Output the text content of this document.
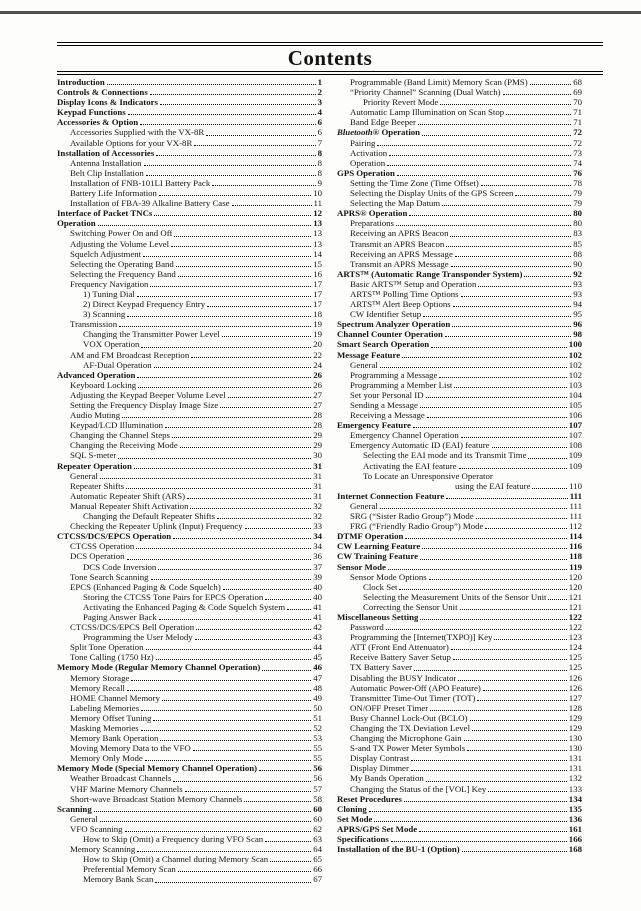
Contents
Introduction	1
Controls & Connections	2
Display Icons & Indicators	3
Keypad Functions	4
Accessories & Option	6
Accessories Supplied with the VX-8R	6
Available Options for your VX-8R	7
Installation of Accessories	8
Antenna Installation	8
Belt Clip Installation	8
Installation of FNB-101LI Battery Pack	9
Battery Life Information	10
Installation of FBA-39 Alkaline Battery Case	11
Interface of Packet TNCs	12
Operation	13
Switching Power On and Off	13
Adjusting the Volume Level	13
Squelch Adjustment	14
Selecting the Operating Band	15
Selecting the Frequency Band	16
Frequency Navigation	17
1) Tuning Dial	17
2) Direct Keypad Frequency Entry	17
3) Scanning	18
Transmission	19
Changing the Transmitter Power Level	19
VOX Operation	20
AM and FM Broadcast Reception	22
AF-Dual Operation	24
Advanced Operation	26
Keyboard Locking	26
Adjusting the Keypad Beeper Volume Level	27
Setting the Frequency Display Image Size	27
Audio Muting	28
Keypad/LCD Illumination	28
Changing the Channel Steps	29
Changing the Receiving Mode	29
SQL S-meter	30
Repeater Operation	31
General	31
Repeater Shifts	31
Automatic Repeater Shift (ARS)	31
Manual Repeater Shift Activation	32
Changing the Default Repeater Shifts	32
Checking the Repeater Uplink (Input) Frequency	33
CTCSS/DCS/EPCS Operation	34
CTCSS Operation	34
DCS Operation	36
DCS Code Inversion	37
Tone Search Scanning	39
EPCS (Enhanced Paging & Code Squelch)	40
Storing the CTCSS Tone Pairs for EPCS Operation	40
Activating the Enhanced Paging & Code Squelch System	41
Paging Answer Back	41
CTCSS/DCS/EPCS Bell Operation	42
Programming the User Melody	43
Split Tone Operation	44
Tone Calling (1750 Hz)	45
Memory Mode (Regular Memory Channel Operation)	46
Memory Storage	47
Memory Recall	48
HOME Channel Memory	49
Labeling Memories	50
Memory Offset Tuning	51
Masking Memories	52
Memory Bank Operation	53
Moving Memory Data to the VFO	55
Memory Only Mode	55
Memory Mode (Special Memory Channel Operation)	56
Weather Broadcast Channels	56
VHF Marine Memory Channels	57
Short-wave Broadcast Station Memory Channels	58
Scanning	60
General	60
VFO Scanning	62
How to Skip (Omit) a Frequency during VFO Scan	63
Memory Scanning	64
How to Skip (Omit) a Channel during Memory Scan	65
Preferential Memory Scan	66
Memory Bank Scan	67
Programmable (Band Limit) Memory Scan (PMS)	68
“Priority Channel” Scanning (Dual Watch)	69
Priority Revert Mode	70
Automatic Lamp Illumination on Scan Stop	71
Band Edge Beeper	71
Bluetooth® Operation	72
Pairing	72
Activation	73
Operation	74
GPS Operation	76
Setting the Time Zone (Time Offset)	78
Selecting the Display Units of the GPS Screen	79
Selecting the Map Datum	79
APRS® Operation	80
Preparations	80
Receiving an APRS Beacon	83
Transmit an APRS Beacon	85
Receiving an APRS Message	88
Transmit an APRS Message	90
ARTS™ (Automatic Range Transponder System)	92
Basic ARTS™ Setup and Operation	93
ARTS™ Polling Time Options	93
ARTS™ Alert Beep Options	94
CW Identifier Setup	95
Spectrum Analyzer Operation	96
Channel Counter Operation	98
Smart Search Operation	100
Message Feature	102
General	102
Programming a Message	102
Programming a Member List	103
Set your Personal ID	104
Sending a Message	105
Receiving a Message	106
Emergency Feature	107
Emergency Channel Operation	107
Emergency Automatic ID (EAI) feature	108
Selecting the EAI mode and its Transmit Time	109
Activating the EAI feature	109
To Locate an Unresponsive Operator
using the EAI feature	110
Internet Connection Feature	111
General	111
SRG (“Sister Radio Group”) Mode	111
FRG (“Friendly Radio Group”) Mode	112
DTMF Operation	114
CW Learning Feature	116
CW Training Feature	118
Sensor Mode	119
Sensor Mode Options	120
Clock Set	120
Selecting the Measurement Units of the Sensor Unit	121
Correcting the Sensor Unit	121
Miscellaneous Setting	122
Password	122
Programming the [Internet(TXPO)] Key	123
ATT (Front End Attenuator)	124
Receive Battery Saver Setup	125
TX Battery Saver	125
Disabling the BUSY Indicator	126
Automatic Power-Off (APO Feature)	126
Transmitter Time-Out Timer (TOT)	127
ON/OFF Preset Timer	128
Busy Channel Lock-Out (BCLO)	129
Changing the TX Deviation Level	129
Changing the Microphone Gain	130
S-and TX Power Meter Symbols	130
Display Contrast	131
Display Dimmer	131
My Bands Operation	132
Changing the Status of the [VOL] Key	133
Reset Procedures	134
Cloning	135
Set Mode	136
APRS/GPS Set Mode	161
Specifications	166
Installation of the BU-1 (Option)	168
